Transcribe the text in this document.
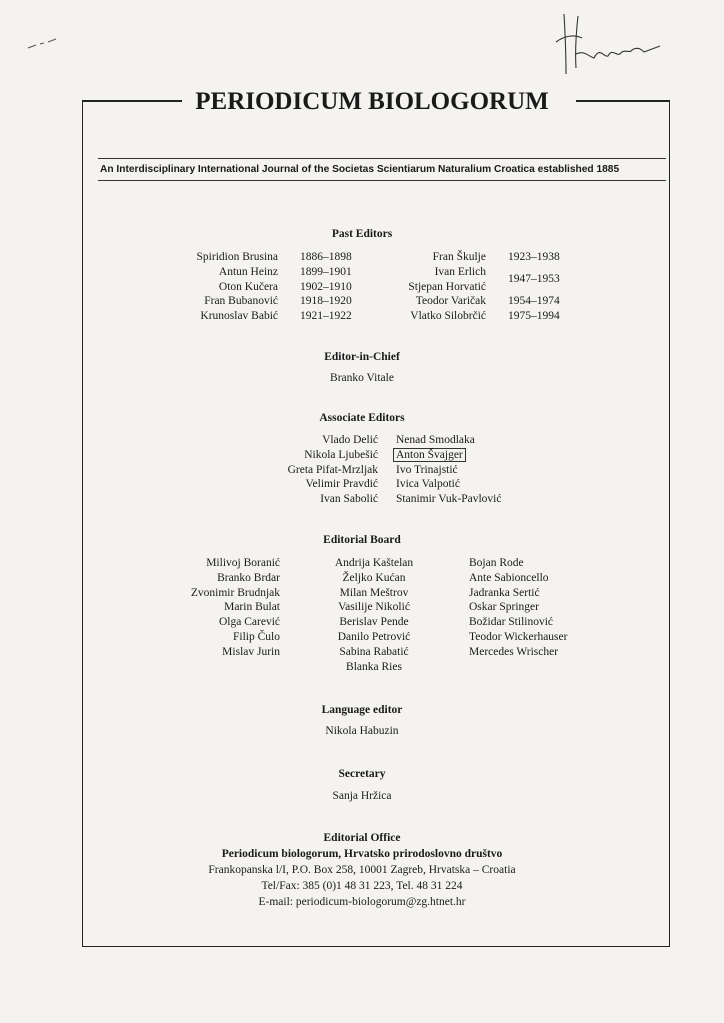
PERIODICUM BIOLOGORUM
An Interdisciplinary International Journal of the Societas Scientiarum Naturalium Croatica established 1885
Past Editors
Spiridion Brusina
Antun Heinz
Oton Kučera
Fran Bubanović
Krunoslav Babić
1886–1898
1899–1901
1902–1910
1918–1920
1921–1922
Fran Škulje
Ivan Erlich
Stjepan Horvatić
Teodor Varičak
Vlatko Silobrčić
1923–1938
1954–1974
1975–1994
1947–1953
Editor-in-Chief
Branko Vitale
Associate Editors
Vlado Delić
Nikola Ljubešić
Greta Pifat-Mrzljak
Velimir Pravdić
Ivan Sabolić
Nenad Smodlaka
Anton Švajger
Ivo Trinajstić
Ivica Valpotić
Stanimir Vuk-Pavlović
Editorial Board
Milivoj Boranić
Branko Brdar
Zvonimir Brudnjak
Marin Bulat
Olga Carević
Filip Čulo
Mislav Jurin
Andrija Kaštelan
Željko Kućan
Milan Meštrov
Vasilije Nikolić
Berislav Pende
Danilo Petrović
Sabina Rabatić
Blanka Ries
Bojan Rode
Ante Sabioncello
Jadranka Sertić
Oskar Springer
Božidar Stilinović
Teodor Wickerhauser
Mercedes Wrischer
Language editor
Nikola Habuzin
Secretary
Sanja Hržica
Editorial Office
Periodicum biologorum, Hrvatsko prirodoslovno društvo
Frankopanska l/I, P.O. Box 258, 10001 Zagreb, Hrvatska – Croatia
Tel/Fax: 385 (0)1 48 31 223, Tel. 48 31 224
E-mail: periodicum-biologorum@zg.htnet.hr
